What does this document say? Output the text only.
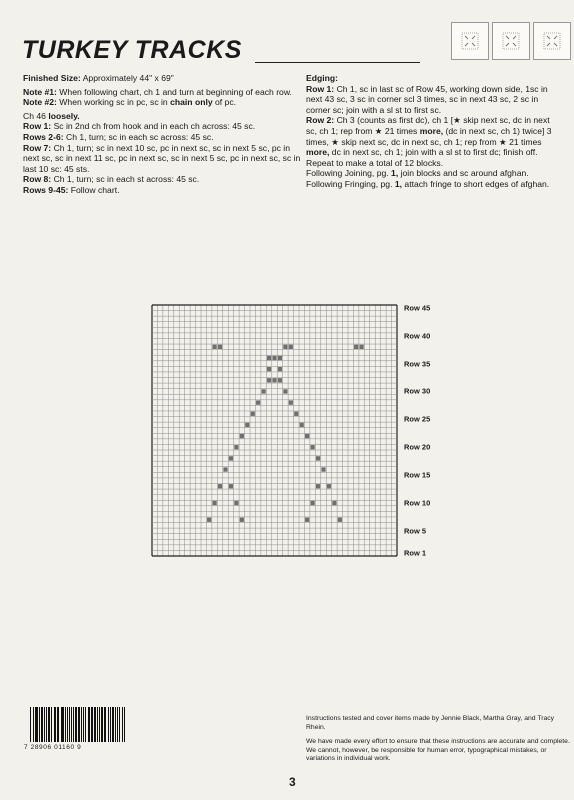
TURKEY TRACKS

Finished Size: Approximately 44" x 69"

Note #1: When following chart, ch 1 and turn at beginning of each row.

Note #2: When working sc in pc, sc in chain only of pc.

Ch 46 loosely.

Row 1: Sc in 2nd ch from hook and in each ch across: 45 sc.

Rows 2-6: Ch 1, turn; sc in each sc across: 45 sc.

Row 7: Ch 1, turn; sc in next 10 sc, pc in next sc, sc in next 5 sc, pc in next sc, sc in next 11 sc, pc in next sc, sc in next 5 sc, pc in next sc, sc in last 10 sc: 45 sts.

Row 8: Ch 1, turn; sc in each st across: 45 sc.

Rows 9-45: Follow chart.

Edging:

Row 1: Ch 1, sc in last sc of Row 45, working down side, 1sc in next 43 sc, 3 sc in corner scl 3 times, sc in next 43 sc, 2 sc in corner sc; join with a sl st to first sc.

Row 2: Ch 3 (counts as first dc), ch 1 [★ skip next sc, dc in next sc, ch 1; rep from ★ 21 times more, (dc in next sc, ch 1) twice] 3 times, ★ skip next sc, dc in next sc, ch 1; rep from ★ 21 times more, dc in next sc, ch 1; join with a sl st to first dc; finish off.

Repeat to make a total of 12 blocks.

Following Joining, pg. 1, join blocks and sc around afghan.

Following Fringing, pg. 1, attach fringe to short edges of afghan.

Row 45
Row 40
Row 35
Row 30
Row 25
Row 20
Row 15
Row 10
Row 5
Row 1
7 28906 01160 9

Instructions tested and cover items made by Jennie Black, Martha Gray, and Tracy Rhein.

We have made every effort to ensure that these instructions are accurate and complete. We cannot, however, be responsible for human error, typographical mistakes, or variations in individual work.

3
